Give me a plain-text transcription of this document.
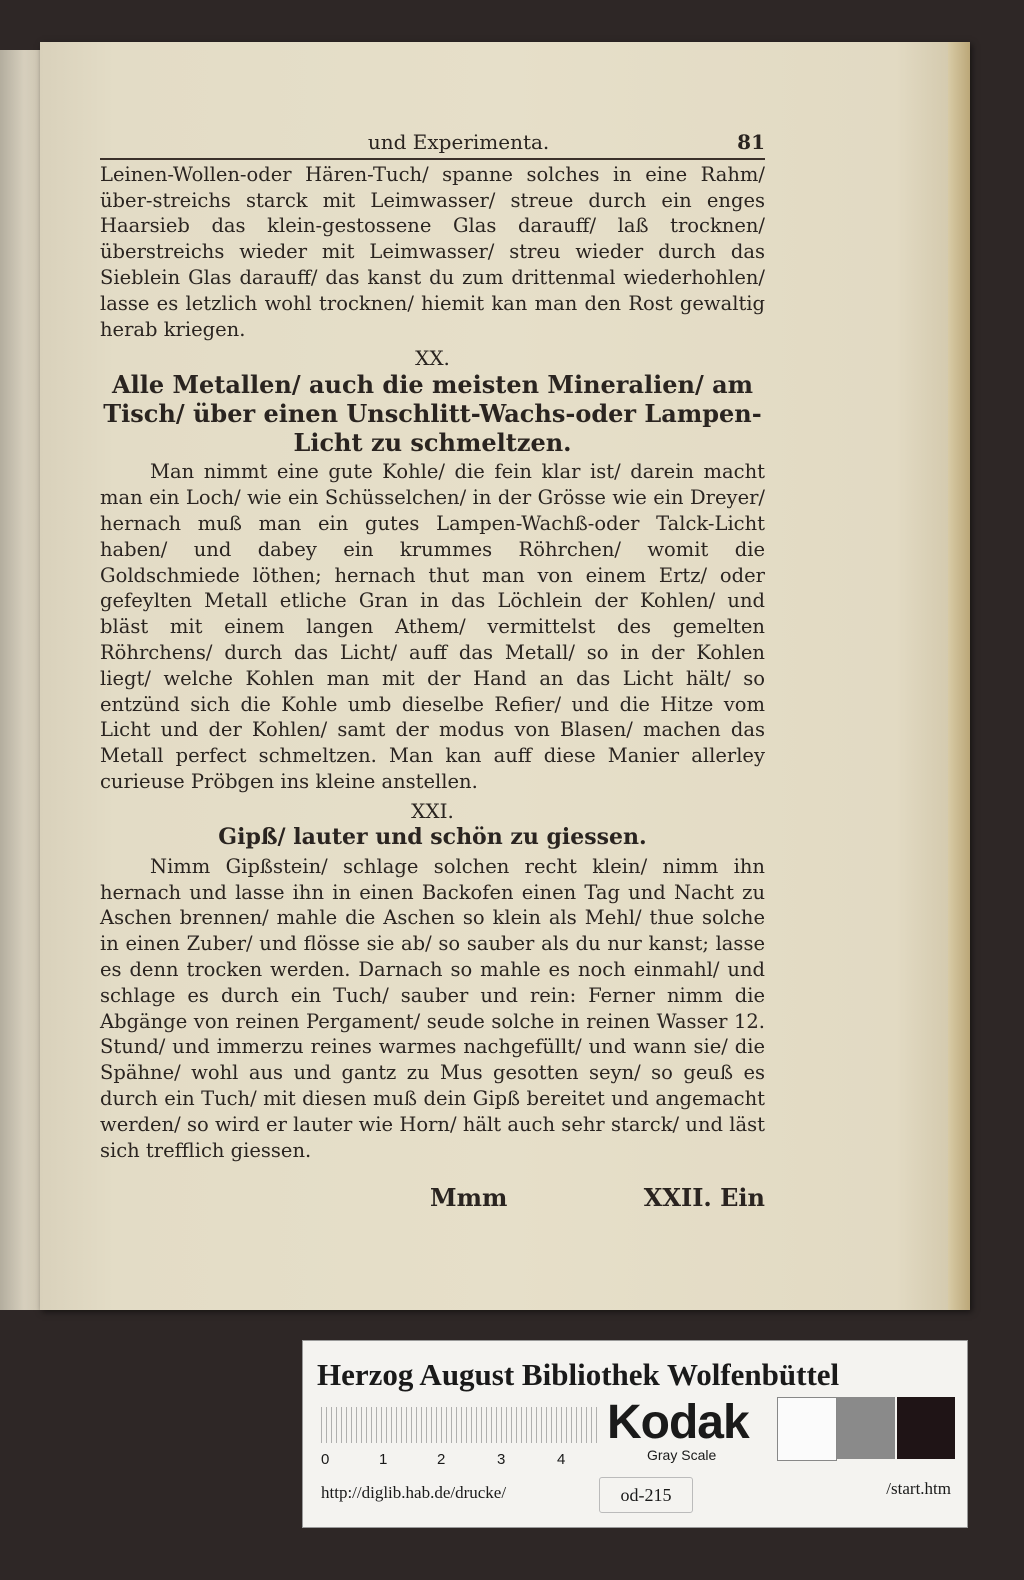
und Experimenta.	81

Leinen-Wollen-oder Hären-Tuch/ spanne solches in eine Rahm/ über-streichs starck mit Leimwasser/ streue durch ein enges Haarsieb das klein-gestossene Glas darauff/ laß trocknen/ überstreichs wieder mit Leimwasser/ streu wieder durch das Sieblein Glas darauff/ das kanst du zum drittenmal wiederhohlen/ lasse es letzlich wohl trocknen/ hiemit kan man den Rost gewaltig herab kriegen.

XX.
Alle Metallen/ auch die meisten Mineralien/ am Tisch/ über einen Unschlitt-Wachs-oder Lampen-Licht zu schmeltzen.

Man nimmt eine gute Kohle/ die fein klar ist/ darein macht man ein Loch/ wie ein Schüsselchen/ in der Grösse wie ein Dreyer/ hernach muß man ein gutes Lampen-Wachß-oder Talck-Licht haben/ und dabey ein krummes Röhrchen/ womit die Goldschmiede löthen; hernach thut man von einem Ertz/ oder gefeylten Metall etliche Gran in das Löchlein der Kohlen/ und bläst mit einem langen Athem/ vermittelst des gemelten Röhrchens/ durch das Licht/ auff das Metall/ so in der Kohlen liegt/ welche Kohlen man mit der Hand an das Licht hält/ so entzünd sich die Kohle umb dieselbe Refier/ und die Hitze vom Licht und der Kohlen/ samt der modus von Blasen/ machen das Metall perfect schmeltzen. Man kan auff diese Manier allerley curieuse Pröbgen ins kleine anstellen.

XXI.
Gipß/ lauter und schön zu giessen.

Nimm Gipßstein/ schlage solchen recht klein/ nimm ihn hernach und lasse ihn in einen Backofen einen Tag und Nacht zu Aschen brennen/ mahle die Aschen so klein als Mehl/ thue solche in einen Zuber/ und flösse sie ab/ so sauber als du nur kanst; lasse es denn trocken werden. Darnach so mahle es noch einmahl/ und schlage es durch ein Tuch/ sauber und rein: Ferner nimm die Abgänge von reinen Pergament/ seude solche in reinen Wasser 12. Stund/ und immerzu reines warmes nachgefüllt/ und wann sie/ die Spähne/ wohl aus und gantz zu Mus gesotten seyn/ so geuß es durch ein Tuch/ mit diesen muß dein Gipß bereitet und angemacht werden/ so wird er lauter wie Horn/ hält auch sehr starck/ und läst sich trefflich giessen.

Mmm	XXII. Ein
Herzog August Bibliothek Wolfenbüttel
0	1	2	3	4
Kodak
Gray Scale
http://diglib.hab.de/drucke/	od-215	/start.htm
